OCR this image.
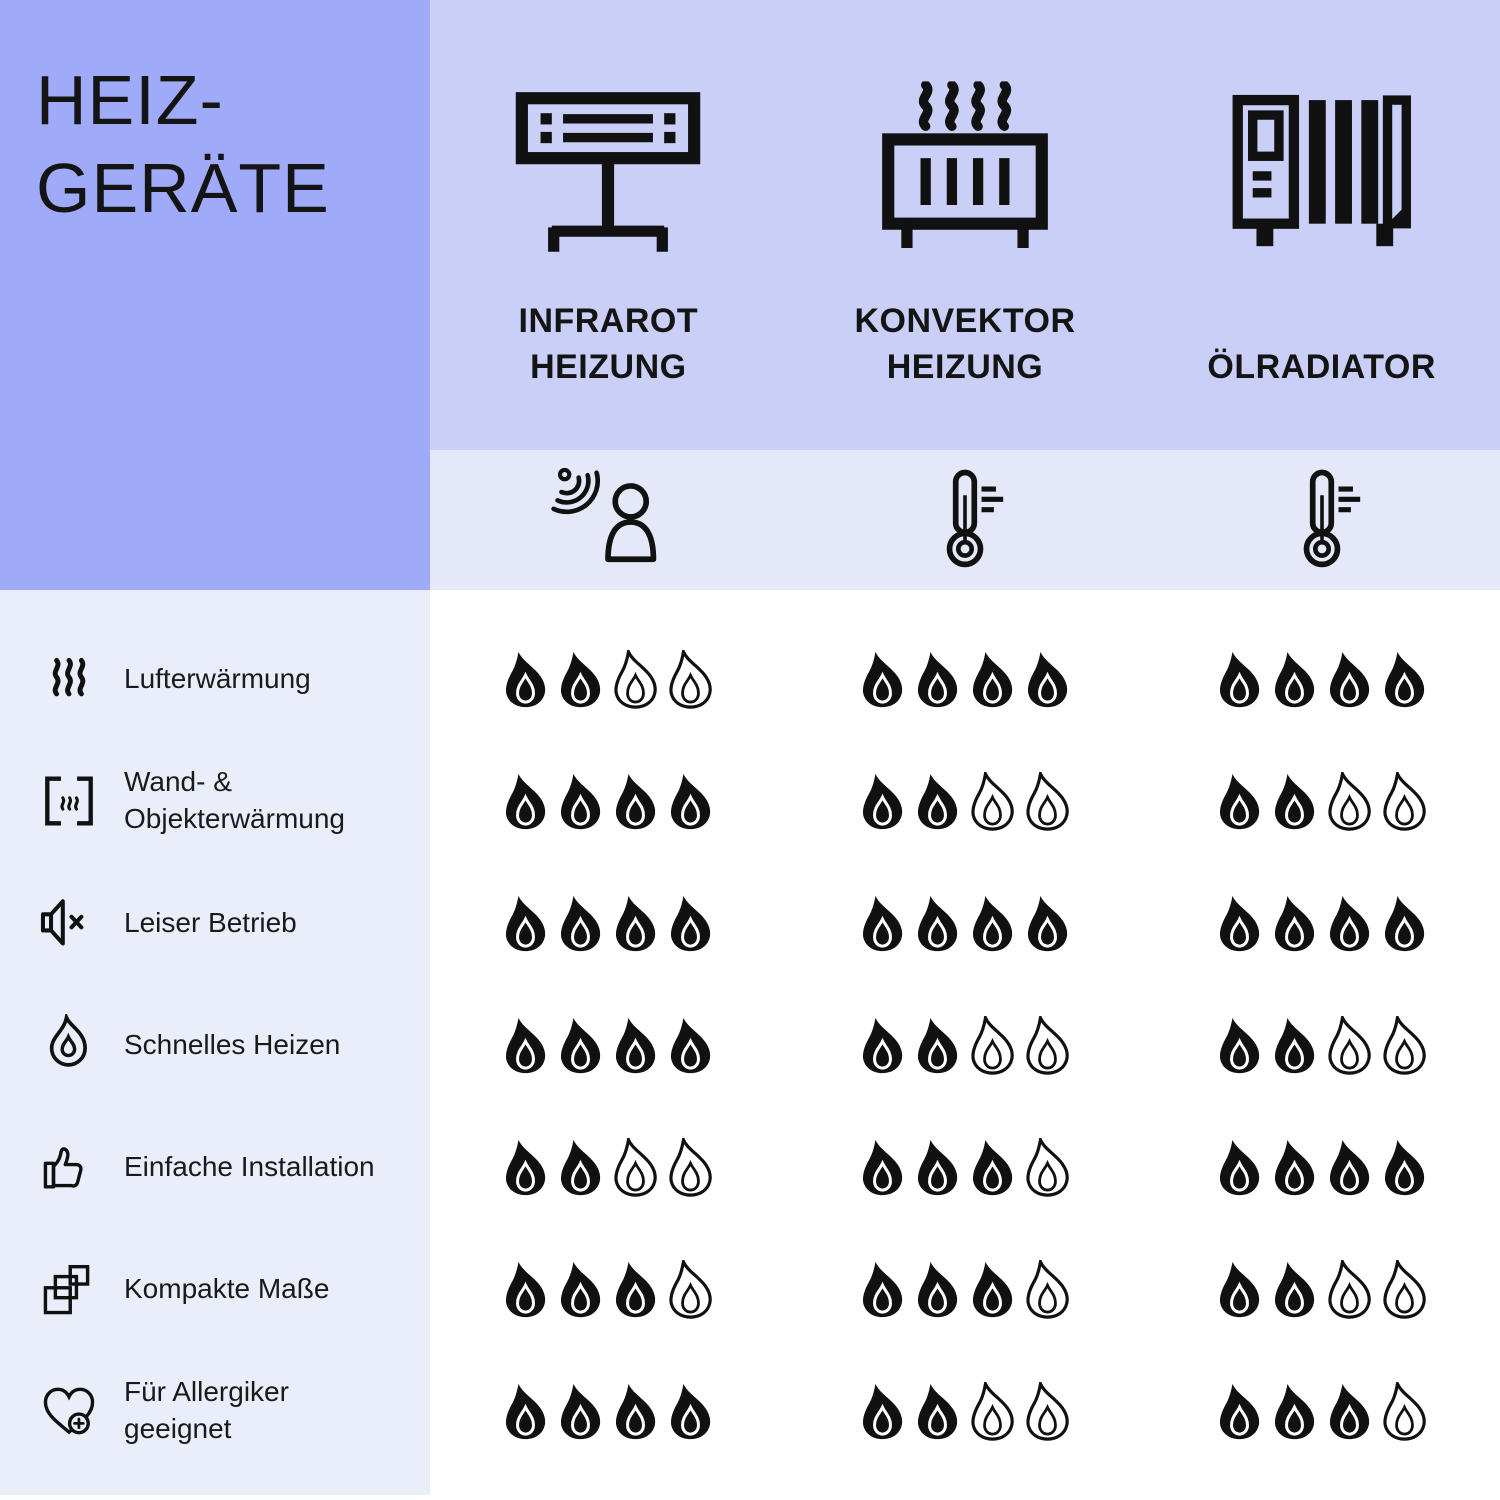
HEIZ-
GERÄTE
INFRAROT
HEIZUNG
KONVEKTOR
HEIZUNG	ÖLRADIATOR
Lufterwärmung
Wand- &
Objekterwärmung
Leiser Betrieb
Schnelles Heizen
Einfache Installation
Kompakte Maße
Für Allergiker
geeignet
